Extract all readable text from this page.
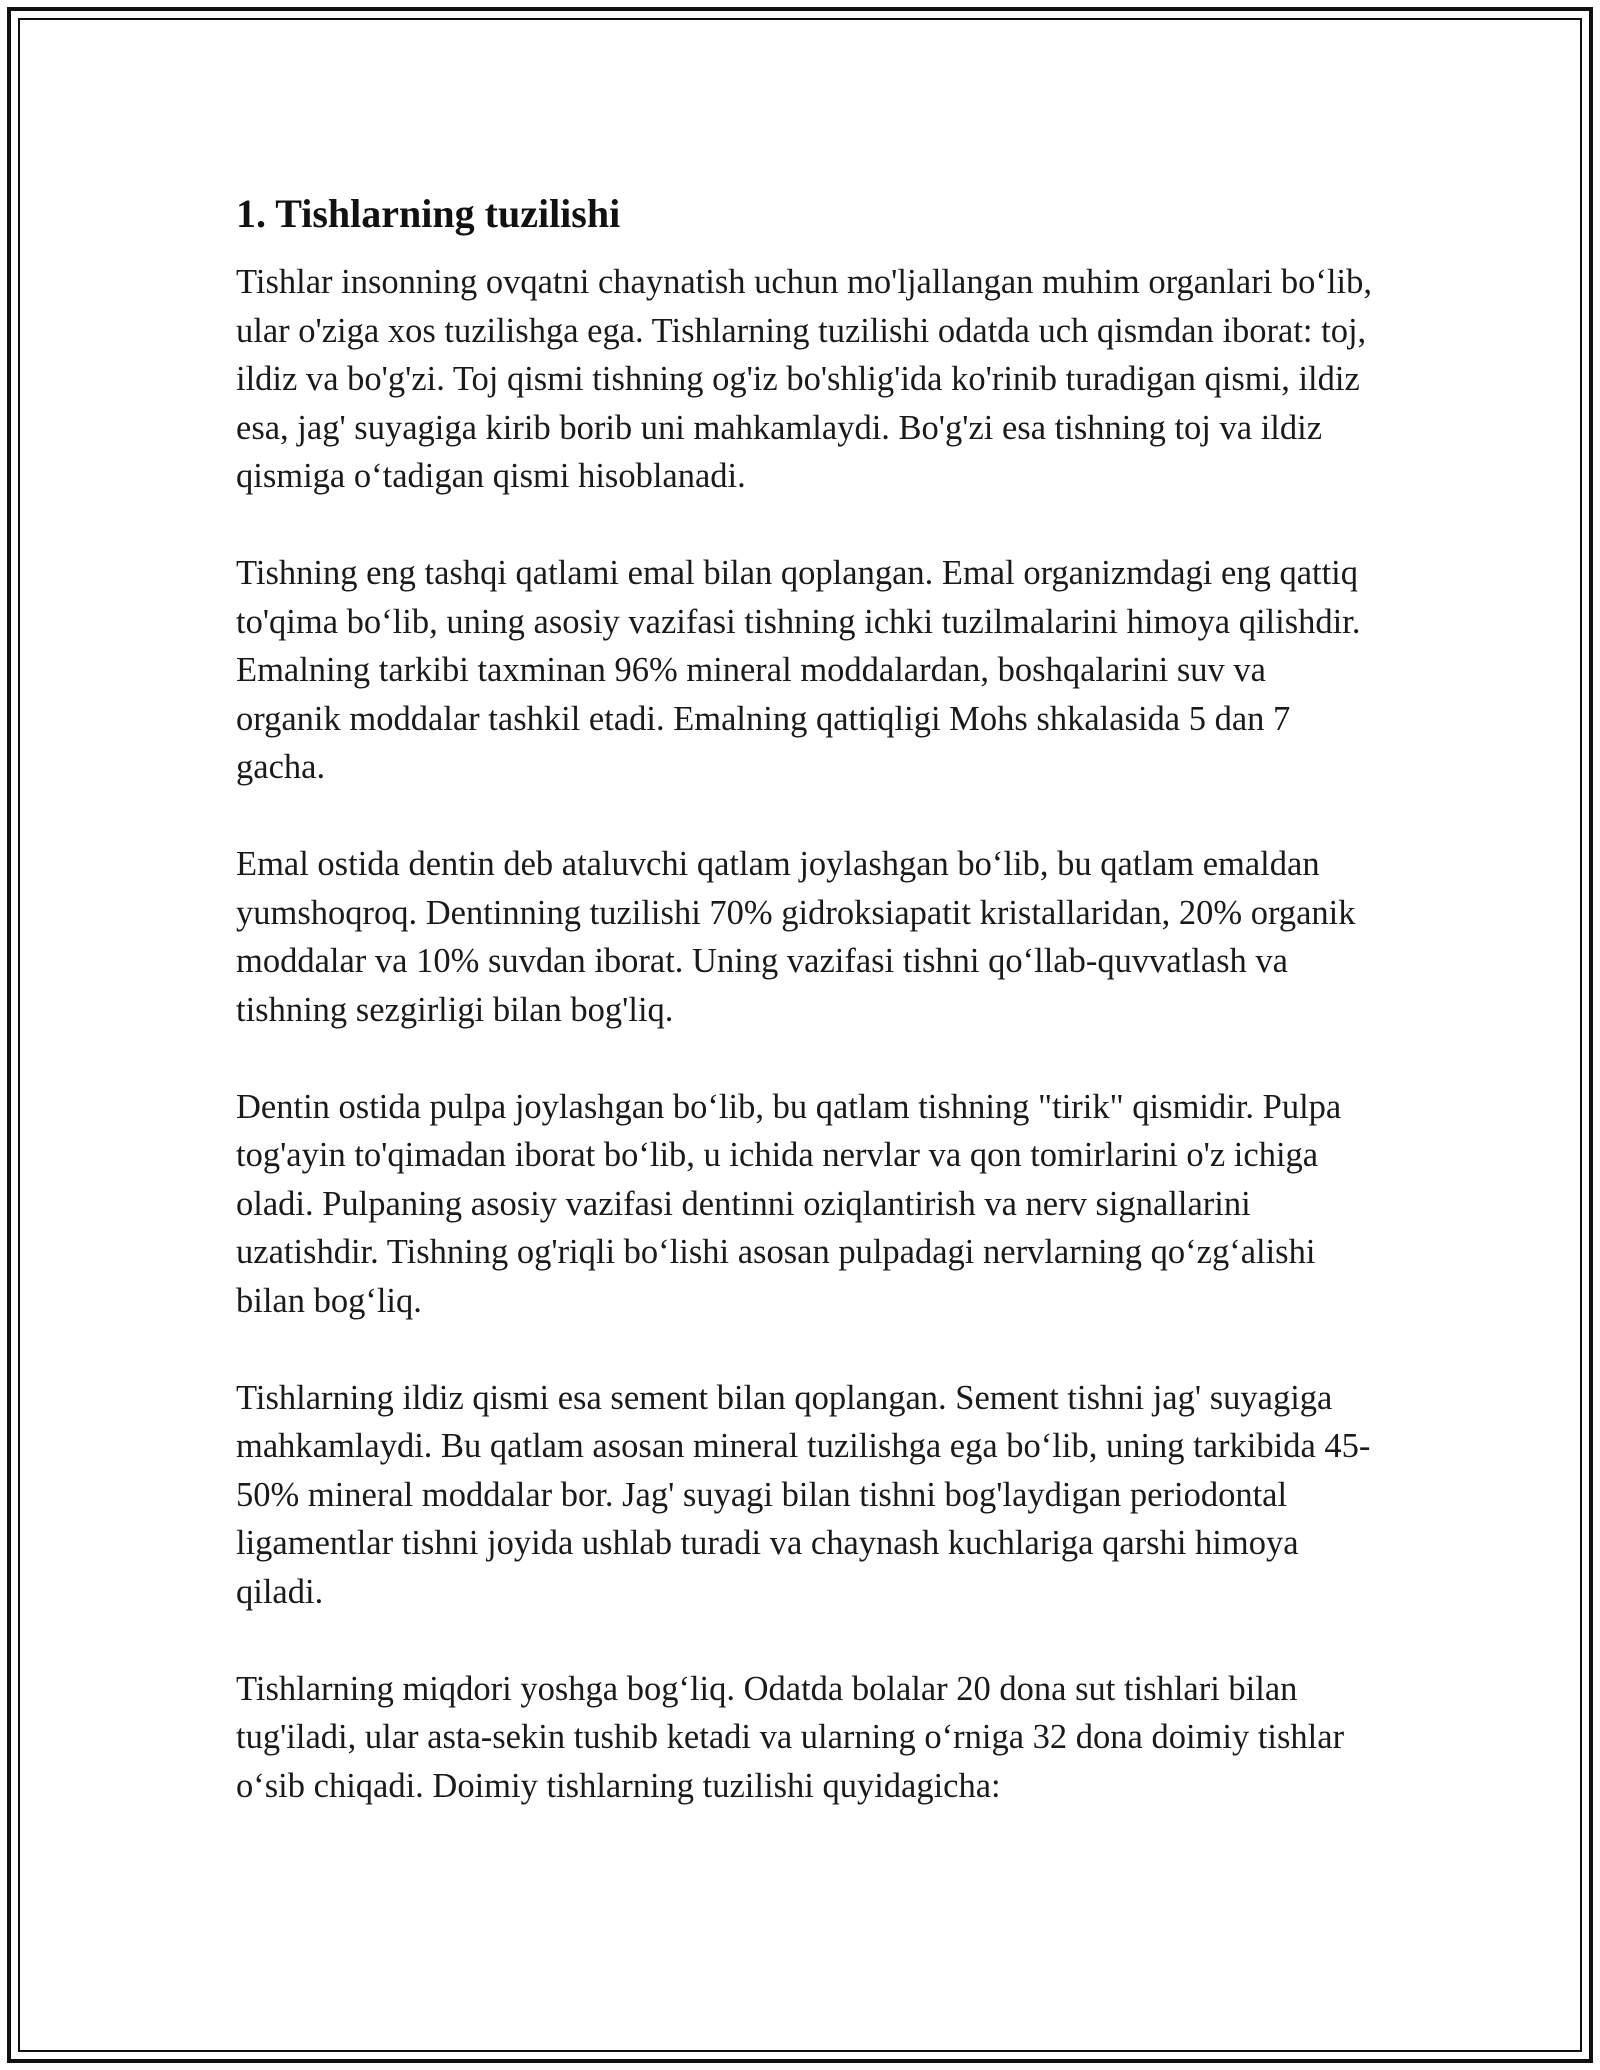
1. Tishlarning tuzilishi

Tishlar insonning ovqatni chaynatish uchun mo'ljallangan muhim organlari bo‘lib, ular o'ziga xos tuzilishga ega. Tishlarning tuzilishi odatda uch qismdan iborat: toj, ildiz va bo'g'zi. Toj qismi tishning og'iz bo'shlig'ida ko'rinib turadigan qismi, ildiz esa, jag' suyagiga kirib borib uni mahkamlaydi. Bo'g'zi esa tishning toj va ildiz qismiga o‘tadigan qismi hisoblanadi.

Tishning eng tashqi qatlami emal bilan qoplangan. Emal organizmdagi eng qattiq to'qima bo‘lib, uning asosiy vazifasi tishning ichki tuzilmalarini himoya qilishdir. Emalning tarkibi taxminan 96% mineral moddalardan, boshqalarini suv va organik moddalar tashkil etadi. Emalning qattiqligi Mohs shkalasida 5 dan 7 gacha.

Emal ostida dentin deb ataluvchi qatlam joylashgan bo‘lib, bu qatlam emaldan yumshoqroq. Dentinning tuzilishi 70% gidroksiapatit kristallaridan, 20% organik moddalar va 10% suvdan iborat. Uning vazifasi tishni qo‘llab-quvvatlash va tishning sezgirligi bilan bog'liq.

Dentin ostida pulpa joylashgan bo‘lib, bu qatlam tishning "tirik" qismidir. Pulpa tog'ayin to'qimadan iborat bo‘lib, u ichida nervlar va qon tomirlarini o'z ichiga oladi. Pulpaning asosiy vazifasi dentinni oziqlantirish va nerv signallarini uzatishdir. Tishning og'riqli bo‘lishi asosan pulpadagi nervlarning qo‘zg‘alishi bilan bog‘liq.

Tishlarning ildiz qismi esa sement bilan qoplangan. Sement tishni jag' suyagiga mahkamlaydi. Bu qatlam asosan mineral tuzilishga ega bo‘lib, uning tarkibida 45-50% mineral moddalar bor. Jag' suyagi bilan tishni bog'laydigan periodontal ligamentlar tishni joyida ushlab turadi va chaynash kuchlariga qarshi himoya qiladi.

Tishlarning miqdori yoshga bog‘liq. Odatda bolalar 20 dona sut tishlari bilan tug'iladi, ular asta-sekin tushib ketadi va ularning o‘rniga 32 dona doimiy tishlar o‘sib chiqadi. Doimiy tishlarning tuzilishi quyidagicha:
